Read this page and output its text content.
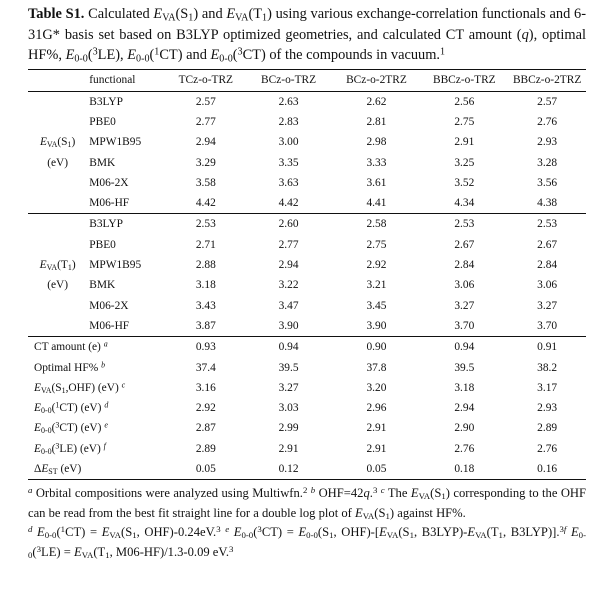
Table S1. Calculated $E_{VA}(S_1)$ and $E_{VA}(T_1)$ using various exchange-correlation functionals and 6-31G* basis set based on B3LYP optimized geometries, and calculated CT amount (q), optimal HF%, $E_{0-0}(^3LE)$, $E_{0-0}(^1CT)$ and $E_{0-0}(^3CT)$ of the compounds in vacuum.$^1$

	functional	TCz-o-TRZ	BCz-o-TRZ	BCz-o-2TRZ	BBCz-o-TRZ	BBCz-o-2TRZ
	B3LYP	2.57	2.63	2.62	2.56	2.57
	PBE0	2.77	2.83	2.81	2.75	2.76
$E_{VA}(S_1)$	MPW1B95	2.94	3.00	2.98	2.91	2.93
(eV)	BMK	3.29	3.35	3.33	3.25	3.28
	M06-2X	3.58	3.63	3.61	3.52	3.56
	M06-HF	4.42	4.42	4.41	4.34	4.38
	B3LYP	2.53	2.60	2.58	2.53	2.53
	PBE0	2.71	2.77	2.75	2.67	2.67
$E_{VA}(T_1)$	MPW1B95	2.88	2.94	2.92	2.84	2.84
(eV)	BMK	3.18	3.22	3.21	3.06	3.06
	M06-2X	3.43	3.47	3.45	3.27	3.27
	M06-HF	3.87	3.90	3.90	3.70	3.70
CT amount (e) $^a$		0.93	0.94	0.90	0.94	0.91
Optimal HF% $^b$		37.4	39.5	37.8	39.5	38.2
$E_{VA}(S_1,OHF)$ (eV) $^c$		3.16	3.27	3.20	3.18	3.17
$E_{0-0}(^1CT)$ (eV) $^d$		2.92	3.03	2.96	2.94	2.93
$E_{0-0}(^3CT)$ (eV) $^e$		2.87	2.99	2.91	2.90	2.89
$E_{0-0}(^3LE)$ (eV) $^f$		2.89	2.91	2.91	2.76	2.76
$\Delta E_{ST}$ (eV)		0.05	0.12	0.05	0.18	0.16
$^a$ Orbital compositions were analyzed using Multiwfn.$^2$ $^b$ OHF=42q.$^3$ $^c$ The $E_{VA}(S_1)$ corresponding to the OHF can be read from the best fit straight line for a double log plot of $E_{VA}(S_1)$ against HF%.
$^d$ $E_{0-0}(^1CT) = E_{VA}(S_1$, OHF)-0.24eV.$^3$ $^e$ $E_{0-0}(^3CT) = E_{0-0}(S_1$, $OHF)-[E_{VA}(S_1$, $B3LYP)-E_{VA}(T_1$, B3LYP)].$^{3f}$ $E_{0-0}(^3LE) = E_{VA}(T_1$, M06-HF)/1.3-0.09 eV.$^3$
